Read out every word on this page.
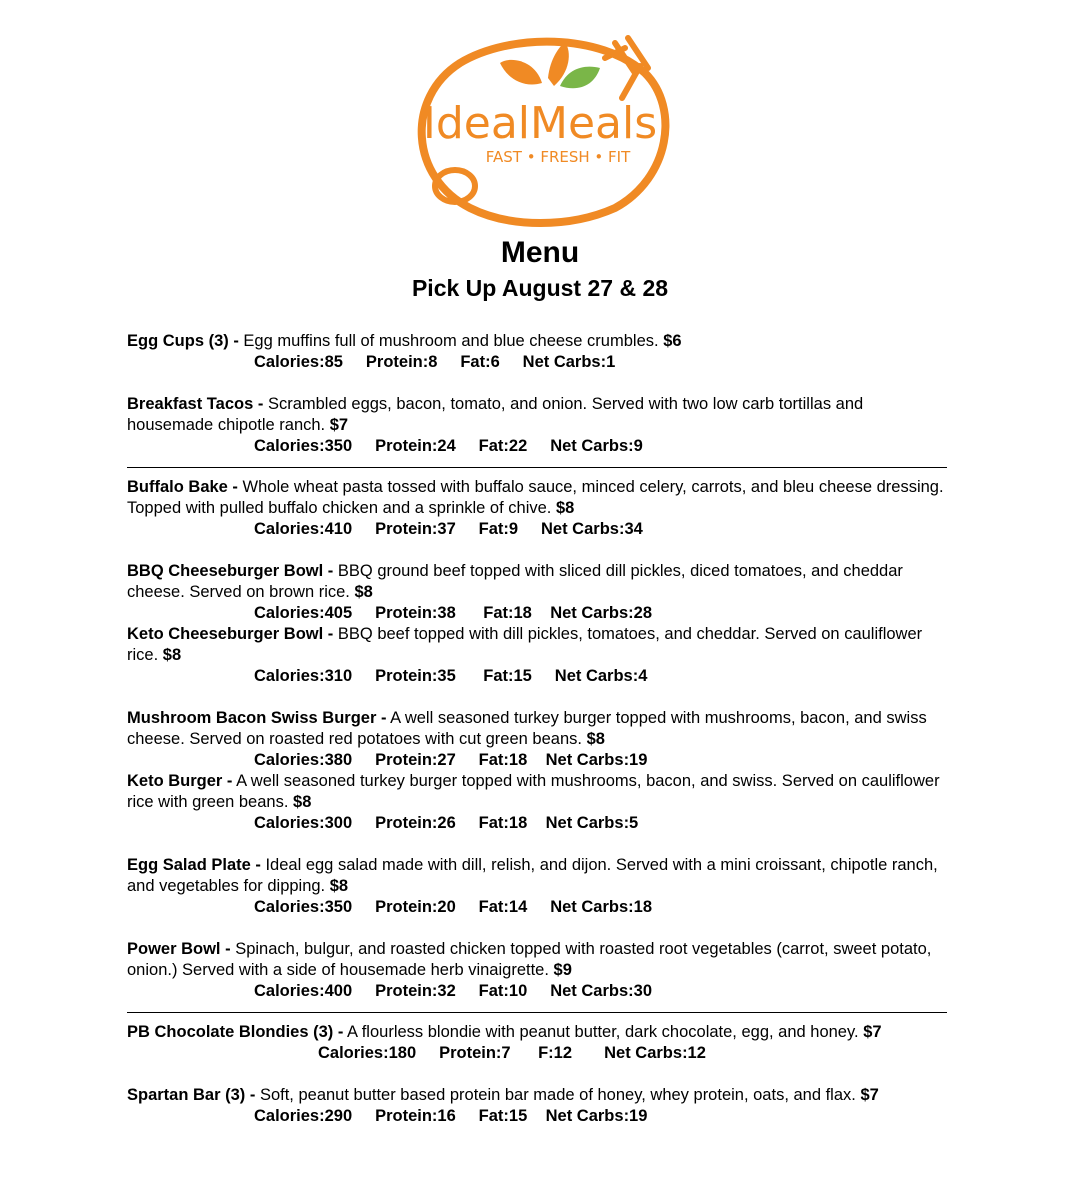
IdealMeals
FAST • FRESH • FIT
Menu
Pick Up August 27 & 28
Egg Cups (3) - Egg muffins full of mushroom and blue cheese crumbles. $6
Calories:85 Protein:8 Fat:6 Net Carbs:1
Breakfast Tacos - Scrambled eggs, bacon, tomato, and onion. Served with two low carb tortillas and housemade chipotle ranch. $7
Calories:350 Protein:24 Fat:22 Net Carbs:9
Buffalo Bake - Whole wheat pasta tossed with buffalo sauce, minced celery, carrots, and bleu cheese dressing. Topped with pulled buffalo chicken and a sprinkle of chive. $8
Calories:410 Protein:37 Fat:9 Net Carbs:34
BBQ Cheeseburger Bowl - BBQ ground beef topped with sliced dill pickles, diced tomatoes, and cheddar cheese. Served on brown rice. $8
Calories:405 Protein:38 Fat:18 Net Carbs:28
Keto Cheeseburger Bowl - BBQ beef topped with dill pickles, tomatoes, and cheddar. Served on cauliflower rice. $8
Calories:310 Protein:35 Fat:15 Net Carbs:4
Mushroom Bacon Swiss Burger - A well seasoned turkey burger topped with mushrooms, bacon, and swiss cheese. Served on roasted red potatoes with cut green beans. $8
Calories:380 Protein:27 Fat:18 Net Carbs:19
Keto Burger - A well seasoned turkey burger topped with mushrooms, bacon, and swiss. Served on cauliflower rice with green beans. $8
Calories:300 Protein:26 Fat:18 Net Carbs:5
Egg Salad Plate - Ideal egg salad made with dill, relish, and dijon. Served with a mini croissant, chipotle ranch, and vegetables for dipping. $8
Calories:350 Protein:20 Fat:14 Net Carbs:18
Power Bowl - Spinach, bulgur, and roasted chicken topped with roasted root vegetables (carrot, sweet potato, onion.) Served with a side of housemade herb vinaigrette. $9
Calories:400 Protein:32 Fat:10 Net Carbs:30
PB Chocolate Blondies (3) - A flourless blondie with peanut butter, dark chocolate, egg, and honey. $7
Calories:180 Protein:7 F:12 Net Carbs:12
Spartan Bar (3) - Soft, peanut butter based protein bar made of honey, whey protein, oats, and flax. $7
Calories:290 Protein:16 Fat:15 Net Carbs:19
